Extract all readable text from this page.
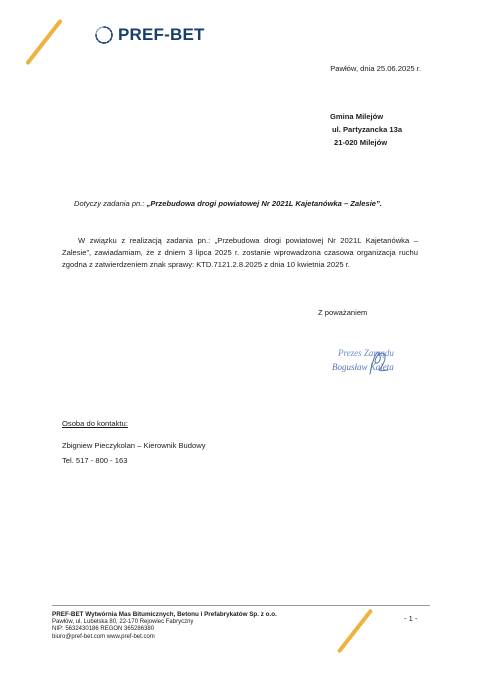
PREF-BET
Pawłów, dnia 25.06.2025 r.
Gmina Milejów
ul. Partyzancka 13a
21-020 Milejów
Dotyczy zadania pn.: „Przebudowa drogi powiatowej Nr 2021L Kajetanówka – Zalesie”.

W związku z realizacją zadania pn.: „Przebudowa drogi powiatowej Nr 2021L Kajetanówka – Zalesie”, zawiadamiam, że z dniem 3 lipca 2025 r. zostanie wprowadzona czasowa organizacja ruchu zgodna z zatwierdzeniem znak sprawy: KTD.7121.2.8.2025 z dnia 10 kwietnia 2025 r.

Z poważaniem
Prezes Zarządu
Bogusław Kaleta
Osoba do kontaktu:
Zbigniew Pieczykolan – Kierownik Budowy
Tel. 517 - 800 - 163
PREF-BET Wytwórnia Mas Bitumicznych, Betonu i Prefabrykatów Sp. z o.o.
Pawłów, ul. Lubelska 80, 22-170 Rejowiec Fabryczny
NIP: 5632430186 REGON 365286380
biuro@pref-bet.com www.pref-bet.com
- 1 -
